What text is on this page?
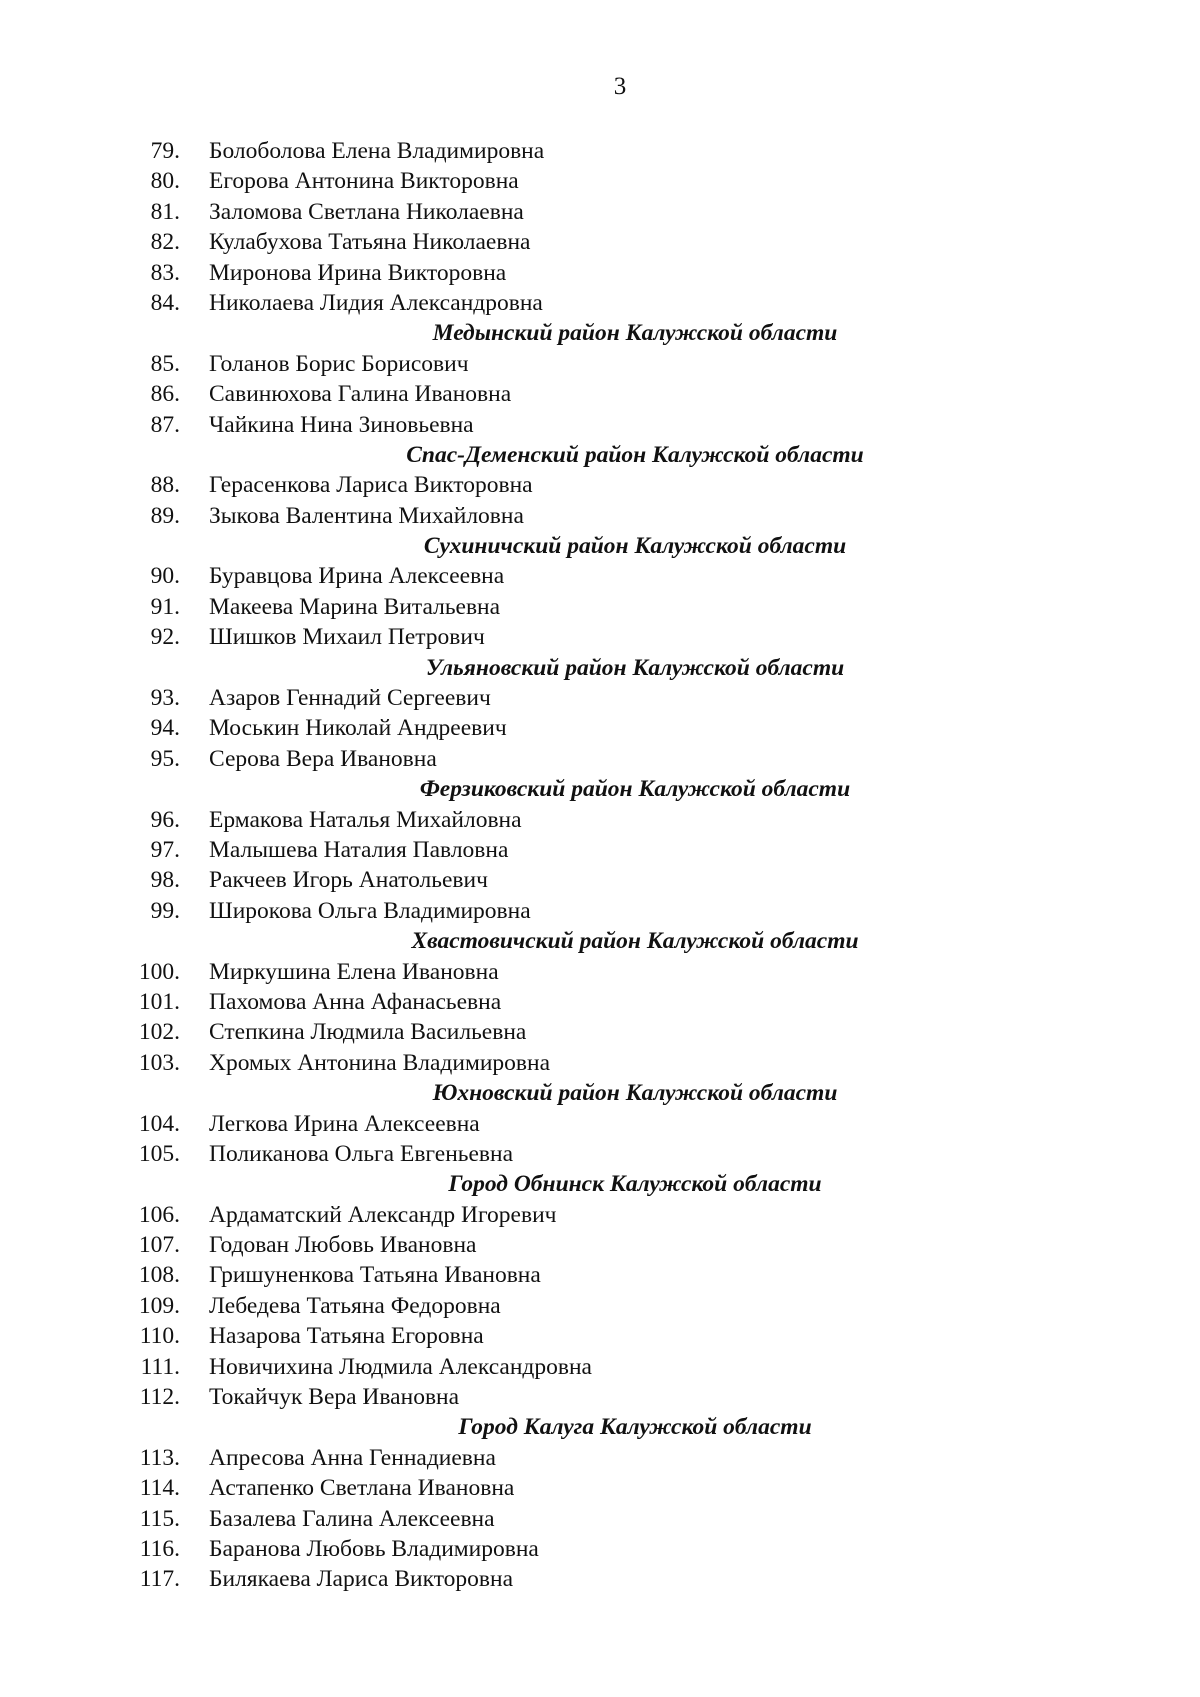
3
79. Болоболова Елена Владимировна
80. Егорова Антонина Викторовна
81. Заломова Светлана Николаевна
82. Кулабухова Татьяна Николаевна
83. Миронова Ирина Викторовна
84. Николаева Лидия Александровна
Медынский район Калужской области
85. Голанов Борис Борисович
86. Савинюхова Галина Ивановна
87. Чайкина Нина Зиновьевна
Спас-Деменский район Калужской области
88. Герасенкова Лариса Викторовна
89. Зыкова Валентина Михайловна
Сухиничский район Калужской области
90. Буравцова Ирина Алексеевна
91. Макеева Марина Витальевна
92. Шишков Михаил Петрович
Ульяновский район Калужской области
93. Азаров Геннадий Сергеевич
94. Моськин Николай Андреевич
95. Серова Вера Ивановна
Ферзиковский район Калужской области
96. Ермакова Наталья Михайловна
97. Малышева Наталия Павловна
98. Ракчеев Игорь Анатольевич
99. Широкова Ольга Владимировна
Хвастовичский район Калужской области
100. Миркушина Елена Ивановна
101. Пахомова Анна Афанасьевна
102. Степкина Людмила Васильевна
103. Хромых Антонина Владимировна
Юхновский район Калужской области
104. Легкова Ирина Алексеевна
105. Поликанова Ольга Евгеньевна
Город Обнинск Калужской области
106. Ардаматский Александр Игоревич
107. Годован Любовь Ивановна
108. Гришуненкова Татьяна Ивановна
109. Лебедева Татьяна Федоровна
110. Назарова Татьяна Егоровна
111. Новичихина Людмила Александровна
112. Токайчук Вера Ивановна
Город Калуга Калужской области
113. Апресова Анна Геннадиевна
114. Астапенко Светлана Ивановна
115. Базалева Галина Алексеевна
116. Баранова Любовь Владимировна
117. Билякаева Лариса Викторовна
